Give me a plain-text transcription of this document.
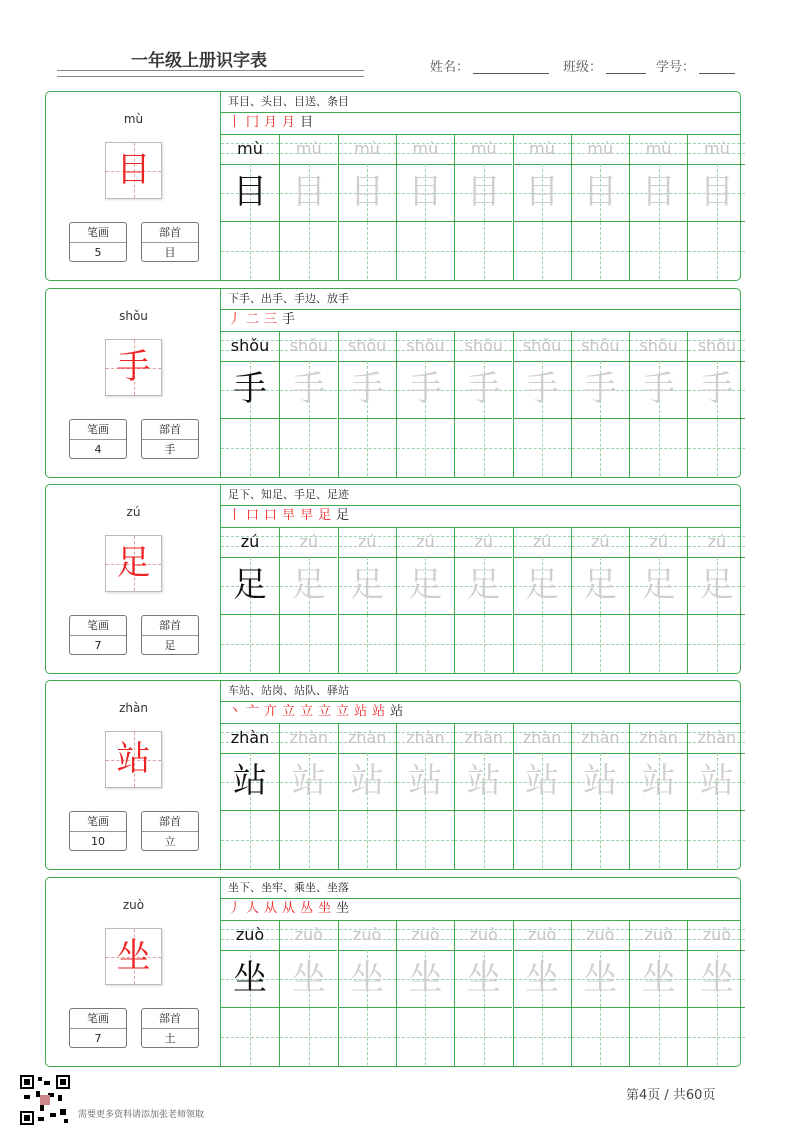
一年级上册识字表	姓名：	班级：	学号：
mù
目
笔画
5
部首
目
耳目、头目、目送、条目
丨 冂 月 月 目
mù
目
mù
目
mù
目
mù
目
mù
目
mù
目
mù
目
mù
目
mù
目
shǒu
手
笔画
4
部首
手
下手、出手、手边、放手
丿 二 三 手
shǒu
手
shǒu
手
shǒu
手
shǒu
手
shǒu
手
shǒu
手
shǒu
手
shǒu
手
shǒu
手
zú
足
笔画
7
部首
足
足下、知足、手足、足迹
丨 口 口 早 早 足 足
zú
足
zú
足
zú
足
zú
足
zú
足
zú
足
zú
足
zú
足
zú
足
zhàn
站
笔画
10
部首
立
车站、站岗、站队、驿站
丶 亠 亣 立 立 立 立 站 站 站
zhàn
站
zhàn
站
zhàn
站
zhàn
站
zhàn
站
zhàn
站
zhàn
站
zhàn
站
zhàn
站
zuò
坐
笔画
7
部首
土
坐下、坐牢、乘坐、坐落
丿 人 从 从 丛 坐 坐
zuò
坐
zuò
坐
zuò
坐
zuò
坐
zuò
坐
zuò
坐
zuò
坐
zuò
坐
zuò
坐
需要更多资料请添加张老师领取
第4页 / 共60页
